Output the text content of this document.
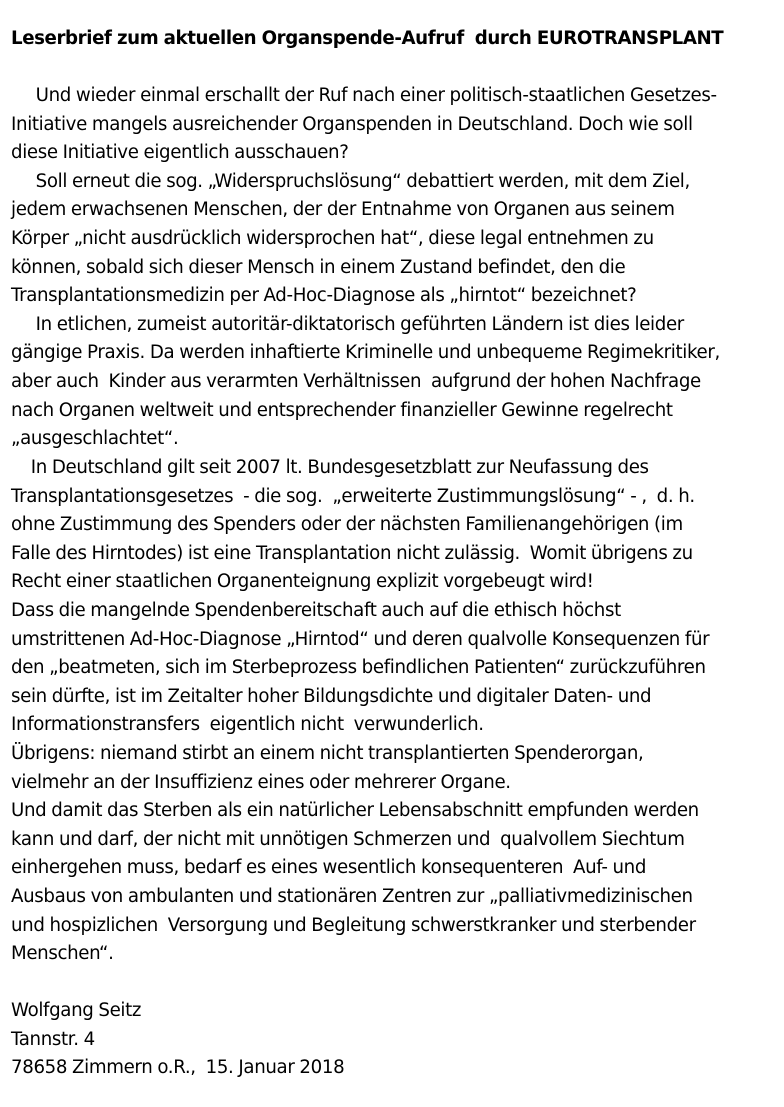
Leserbrief zum aktuellen Organspende-Aufruf  durch EUROTRANSPLANT
Und wieder einmal erschallt der Ruf nach einer politisch-staatlichen Gesetzes-
Initiative mangels ausreichender Organspenden in Deutschland. Doch wie soll
diese Initiative eigentlich ausschauen?
Soll erneut die sog. „Widerspruchslösung“ debattiert werden, mit dem Ziel,
jedem erwachsenen Menschen, der der Entnahme von Organen aus seinem
Körper „nicht ausdrücklich widersprochen hat“, diese legal entnehmen zu
können, sobald sich dieser Mensch in einem Zustand befindet, den die
Transplantationsmedizin per Ad-Hoc-Diagnose als „hirntot“ bezeichnet?
In etlichen, zumeist autoritär-diktatorisch geführten Ländern ist dies leider
gängige Praxis. Da werden inhaftierte Kriminelle und unbequeme Regimekritiker,
aber auch  Kinder aus verarmten Verhältnissen  aufgrund der hohen Nachfrage
nach Organen weltweit und entsprechender finanzieller Gewinne regelrecht
„ausgeschlachtet“.
In Deutschland gilt seit 2007 lt. Bundesgesetzblatt zur Neufassung des
Transplantationsgesetzes  - die sog.  „erweiterte Zustimmungslösung“ - ,  d. h.
ohne Zustimmung des Spenders oder der nächsten Familienangehörigen (im
Falle des Hirntodes) ist eine Transplantation nicht zulässig.  Womit übrigens zu
Recht einer staatlichen Organenteignung explizit vorgebeugt wird!
Dass die mangelnde Spendenbereitschaft auch auf die ethisch höchst
umstrittenen Ad-Hoc-Diagnose „Hirntod“ und deren qualvolle Konsequenzen für
den „beatmeten, sich im Sterbeprozess befindlichen Patienten“ zurückzuführen
sein dürfte, ist im Zeitalter hoher Bildungsdichte und digitaler Daten- und
Informationstransfers  eigentlich nicht  verwunderlich.
Übrigens: niemand stirbt an einem nicht transplantierten Spenderorgan,
vielmehr an der Insuffizienz eines oder mehrerer Organe.
Und damit das Sterben als ein natürlicher Lebensabschnitt empfunden werden
kann und darf, der nicht mit unnötigen Schmerzen und  qualvollem Siechtum
einhergehen muss, bedarf es eines wesentlich konsequenteren  Auf- und
Ausbaus von ambulanten und stationären Zentren zur „palliativmedizinischen
und hospizlichen  Versorgung und Begleitung schwerstkranker und sterbender
Menschen“.
Wolfgang Seitz
Tannstr. 4
78658 Zimmern o.R.,  15. Januar 2018
